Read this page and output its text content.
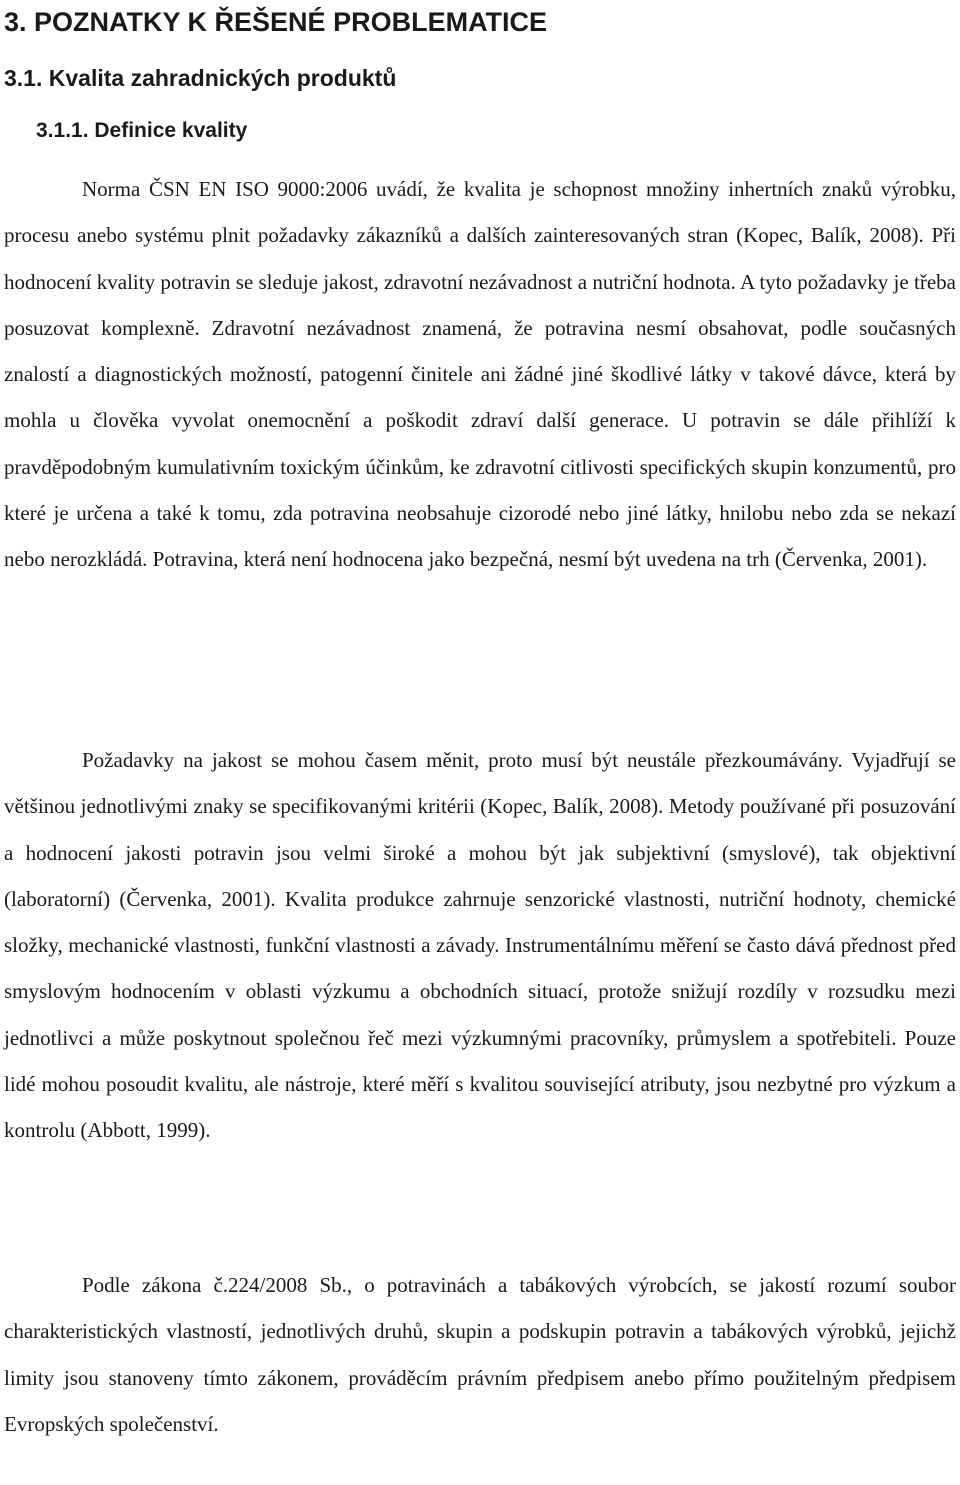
3. POZNATKY K ŘEŠENÉ PROBLEMATICE
3.1. Kvalita zahradnických produktů
3.1.1. Definice kvality

Norma ČSN EN ISO 9000:2006 uvádí, že kvalita je schopnost množiny inhertních znaků výrobku, procesu anebo systému plnit požadavky zákazníků a dalších zainteresovaných stran (Kopec, Balík, 2008). Při hodnocení kvality potravin se sleduje jakost, zdravotní nezávadnost a nutriční hodnota. A tyto požadavky je třeba posuzovat komplexně. Zdravotní nezávadnost znamená, že potravina nesmí obsahovat, podle současných znalostí a diagnostických možností, patogenní činitele ani žádné jiné škodlivé látky v takové dávce, která by mohla u člověka vyvolat onemocnění a poškodit zdraví další generace. U potravin se dále přihlíží k pravděpodobným kumulativním toxickým účinkům, ke zdravotní citlivosti specifických skupin konzumentů, pro které je určena a také k tomu, zda potravina neobsahuje cizorodé nebo jiné látky, hnilobu nebo zda se nekazí nebo nerozkládá. Potravina, která není hodnocena jako bezpečná, nesmí být uvedena na trh (Červenka, 2001).

Požadavky na jakost se mohou časem měnit, proto musí být neustále přezkoumávány. Vyjadřují se většinou jednotlivými znaky se specifikovanými kritérii (Kopec, Balík, 2008). Metody používané při posuzování a hodnocení jakosti potravin jsou velmi široké a mohou být jak subjektivní (smyslové), tak objektivní (laboratorní) (Červenka, 2001). Kvalita produkce zahrnuje senzorické vlastnosti, nutriční hodnoty, chemické složky, mechanické vlastnosti, funkční vlastnosti a závady. Instrumentálnímu měření se často dává přednost před smyslovým hodnocením v oblasti výzkumu a obchodních situací, protože snižují rozdíly v rozsudku mezi jednotlivci a může poskytnout společnou řeč mezi výzkumnými pracovníky, průmyslem a spotřebiteli. Pouze lidé mohou posoudit kvalitu, ale nástroje, které měří s kvalitou související atributy, jsou nezbytné pro výzkum a kontrolu (Abbott, 1999).

Podle zákona č.224/2008 Sb., o potravinách a tabákových výrobcích, se jakostí rozumí soubor charakteristických vlastností, jednotlivých druhů, skupin a podskupin potravin a tabákových výrobků, jejichž limity jsou stanoveny tímto zákonem, prováděcím právním předpisem anebo přímo použitelným předpisem Evropských společenství.
